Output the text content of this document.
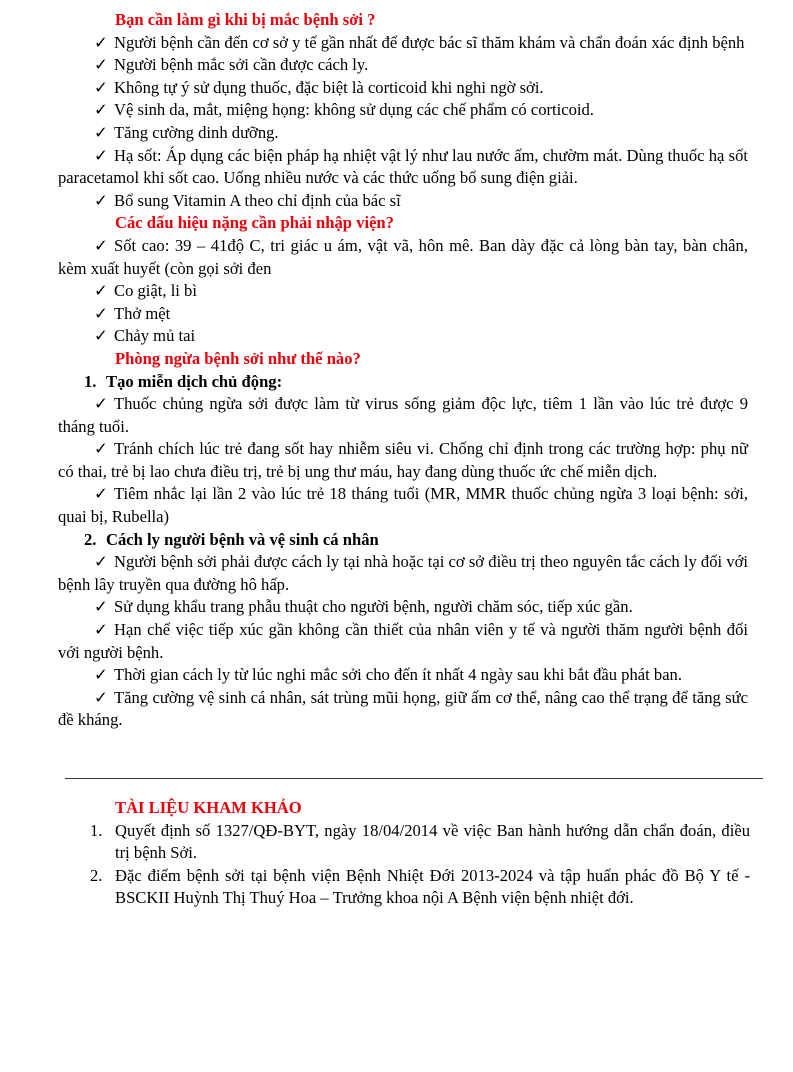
Bạn cần làm gì khi bị mắc bệnh sởi ?
✓ Người bệnh cần đến cơ sở y tế gần nhất để được bác sĩ thăm khám và chẩn đoán xác định bệnh
✓ Người bệnh mắc sởi cần được cách ly.
✓ Không tự ý sử dụng thuốc, đặc biệt là corticoid khi nghi ngờ sởi.
✓ Vệ sinh da, mắt, miệng họng: không sử dụng các chế phẩm có corticoid.
✓ Tăng cường dinh dưỡng.
✓ Hạ sốt: Áp dụng các biện pháp hạ nhiệt vật lý như lau nước ấm, chườm mát. Dùng thuốc hạ sốt paracetamol khi sốt cao. Uống nhiều nước và các thức uống bổ sung điện giải.
✓ Bổ sung Vitamin A theo chỉ định của bác sĩ
Các dấu hiệu nặng cần phải nhập viện?
✓ Sốt cao: 39 – 41độ C, tri giác u ám, vật vã, hôn mê. Ban dày đặc cả lòng bàn tay, bàn chân, kèm xuất huyết (còn gọi sởi đen
✓ Co giật, li bì
✓ Thở mệt
✓ Chảy mủ tai
Phòng ngừa bệnh sởi như thế nào?
1. Tạo miễn dịch chủ động:
✓ Thuốc chủng ngừa sởi được làm từ virus sống giảm độc lực, tiêm 1 lần vào lúc trẻ được 9 tháng tuổi.
✓ Tránh chích lúc trẻ đang sốt hay nhiễm siêu vi. Chống chỉ định trong các trường hợp: phụ nữ có thai, trẻ bị lao chưa điều trị, trẻ bị ung thư máu, hay đang dùng thuốc ức chế miễn dịch.
✓ Tiêm nhắc lại lần 2 vào lúc trẻ 18 tháng tuổi (MR, MMR thuốc chủng ngừa 3 loại bệnh: sởi, quai bị, Rubella)
2. Cách ly người bệnh và vệ sinh cá nhân
✓ Người bệnh sởi phải được cách ly tại nhà hoặc tại cơ sở điều trị theo nguyên tắc cách ly đối với bệnh lây truyền qua đường hô hấp.
✓ Sử dụng khẩu trang phẫu thuật cho người bệnh, người chăm sóc, tiếp xúc gần.
✓ Hạn chế việc tiếp xúc gần không cần thiết của nhân viên y tế và người thăm người bệnh đối với người bệnh.
✓ Thời gian cách ly từ lúc nghi mắc sởi cho đến ít nhất 4 ngày sau khi bắt đầu phát ban.
✓ Tăng cường vệ sinh cá nhân, sát trùng mũi họng, giữ ấm cơ thể, nâng cao thể trạng để tăng sức đề kháng.
TÀI LIỆU KHAM KHẢO
1. Quyết định số 1327/QĐ-BYT, ngày 18/04/2014 về việc Ban hành hướng dẫn chẩn đoán, điều trị bệnh Sởi.
2. Đặc điểm bệnh sởi tại bệnh viện Bệnh Nhiệt Đới 2013-2024 và tập huấn phác đồ Bộ Y tế - BSCKII Huỳnh Thị Thuý Hoa – Trưởng khoa nội A Bệnh viện bệnh nhiệt đới.
